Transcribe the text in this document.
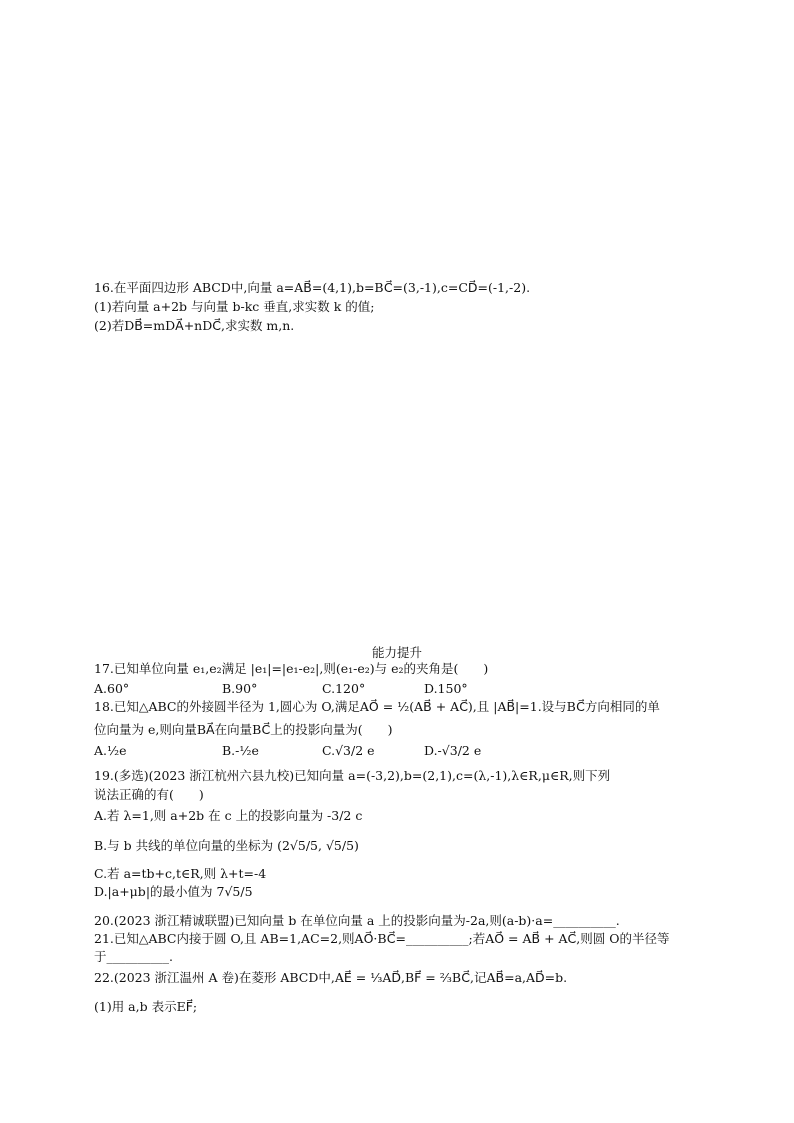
16.在平面四边形 ABCD中,向量 a=AB⃗=(4,1),b=BC⃗=(3,-1),c=CD⃗=(-1,-2).
(1)若向量 a+2b 与向量 b-kc 垂直,求实数 k 的值;
(2)若DB⃗=mDA⃗+nDC⃗,求实数 m,n.
能力提升
17.已知单位向量 e₁,e₂满足 |e₁|=|e₁-e₂|,则(e₁-e₂)与 e₂的夹角是(　　)
A.60°	B.90°	C.120°	D.150°
18.已知△ABC的外接圆半径为 1,圆心为 O,满足AO⃗ = ½(AB⃗ + AC⃗),且 |AB⃗|=1.设与BC⃗方向相同的单
位向量为 e,则向量BA⃗在向量BC⃗上的投影向量为(　　)
A.½e	B.-½e	C.√3/2 e	D.-√3/2 e
19.(多选)(2023 浙江杭州六县九校)已知向量 a=(-3,2),b=(2,1),c=(λ,-1),λ∈R,μ∈R,则下列
说法正确的有(　　)
A.若 λ=1,则 a+2b 在 c 上的投影向量为 -3/2 c
B.与 b 共线的单位向量的坐标为 (2√5/5, √5/5)
C.若 a=tb+c,t∈R,则 λ+t=-4
D.|a+μb|的最小值为 7√5/5
20.(2023 浙江精诚联盟)已知向量 b 在单位向量 a 上的投影向量为-2a,则(a-b)·a=__________.
21.已知△ABC内接于圆 O,且 AB=1,AC=2,则AO⃗·BC⃗=__________;若AO⃗ = AB⃗ + AC⃗,则圆 O的半径等
于__________.
22.(2023 浙江温州 A 卷)在菱形 ABCD中,AE⃗ = ⅓AD⃗,BF⃗ = ⅔BC⃗,记AB⃗=a,AD⃗=b.
(1)用 a,b 表示EF⃗;
